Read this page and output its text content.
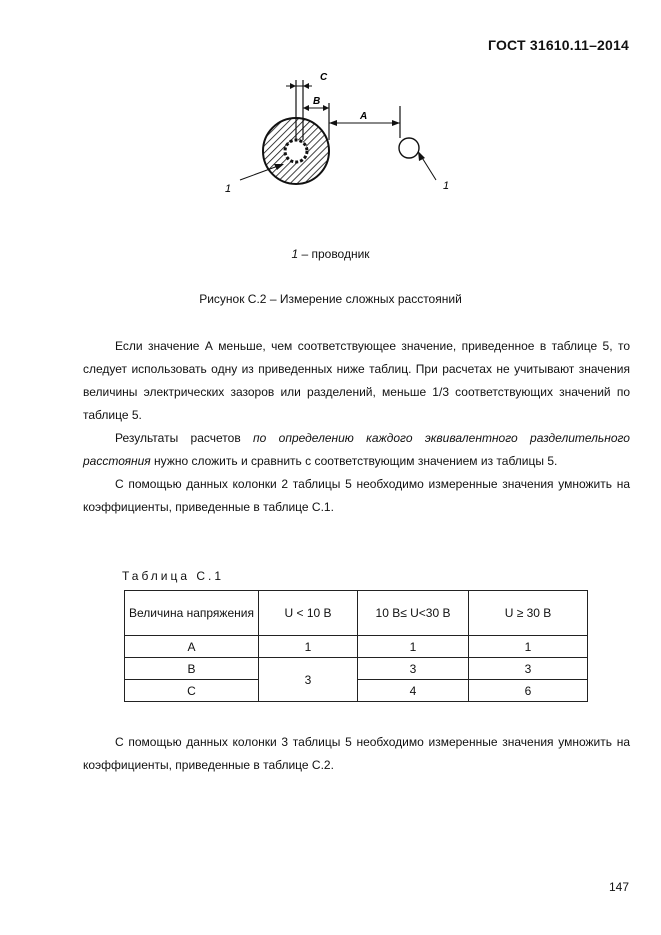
ГОСТ 31610.11–2014
C
B
A
1	1
1 – проводник
Рисунок С.2 – Измерение сложных расстояний

Если значение А меньше, чем соответствующее значение, приведенное в таблице 5, то следует использовать одну из приведенных ниже таблиц. При расчетах не учитывают значения величины электрических зазоров или разделений, меньше 1/3 соответствующих значений по таблице 5.

Результаты расчетов по определению каждого эквивалентного разделительного расстояния нужно сложить и сравнить с соответствующим значением из таблицы 5.

С помощью данных колонки 2 таблицы 5 необходимо измеренные значения умножить на коэффициенты, приведенные в таблице С.1.

Таблица С.1
Величина напряжения	U < 10 В	10 В≤ U<30 В	U ≥ 30 В
A	1	1	1
B	3	3	3
C		4	6

С помощью данных колонки 3 таблицы 5 необходимо измеренные значения умножить на коэффициенты, приведенные в таблице С.2.

147
